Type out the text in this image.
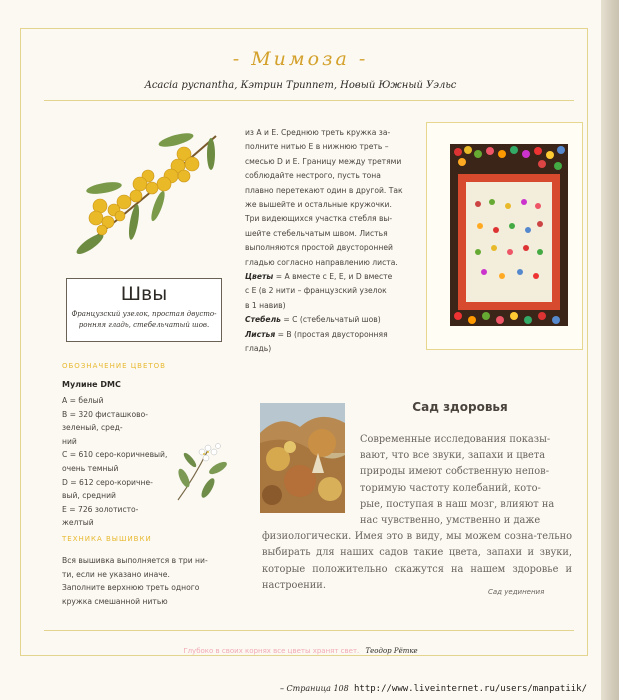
- Мимоза -
Acacia pycnantha, Кэтрин Триппет, Новый Южный Уэльс
Швы
Французский узелок, простая двусто-
ронняя гладь, стебельчатый шов.
из А и Е. Среднюю треть кружка за-
полните нитью Е в нижнюю треть –
смесью D и Е. Границу между третями
соблюдайте нестрого, пусть тона
плавно перетекают один в другой. Так
же вышейте и остальные кружочки.
Три видеющихся участка стебля вы-
шейте стебельчатым швом. Листья
выполняются простой двусторонней
гладью согласно направлению листа.
Цветы = А вместе с Е, Е, и D вместе
с Е (в 2 нити – французский узелок
в 1 навив)
Стебель = С (стебельчатый шов)
Листья = В (простая двусторонняя
гладь)
ОБОЗНАЧЕНИЕ ЦВЕТОВ
Мулине DMC
А = белый
В = 320 фисташково-зеленый, сред-
ний
С = 610 серо-коричневый,
очень темный
D = 612 серо-коричне-
вый, средний
Е = 726 золотисто-
желтый
ТЕХНИКА ВЫШИВКИ
Вся вышивка выполняется в три ни-
ти, если не указано иначе.
Заполните верхнюю треть одного
кружка смешанной нитью
Сад здоровья
Современные исследования показы-
вают, что все звуки, запахи и цвета
природы имеют собственную непов-
торимую частоту колебаний, кото-
рые, поступая в наш мозг, влияют на
нас чувственно, умственно и даже
физиологически. Имея это в виду, мы можем созна-тельно выбирать для наших садов такие цвета, запахи и звуки, которые положительно скажутся на нашем здоровье и настроении.
Сад уединения
Глубоко в своих корнях все цветы хранят свет. Теодор Рётке
– Страница 108 http://www.liveinternet.ru/users/manpatiik/
